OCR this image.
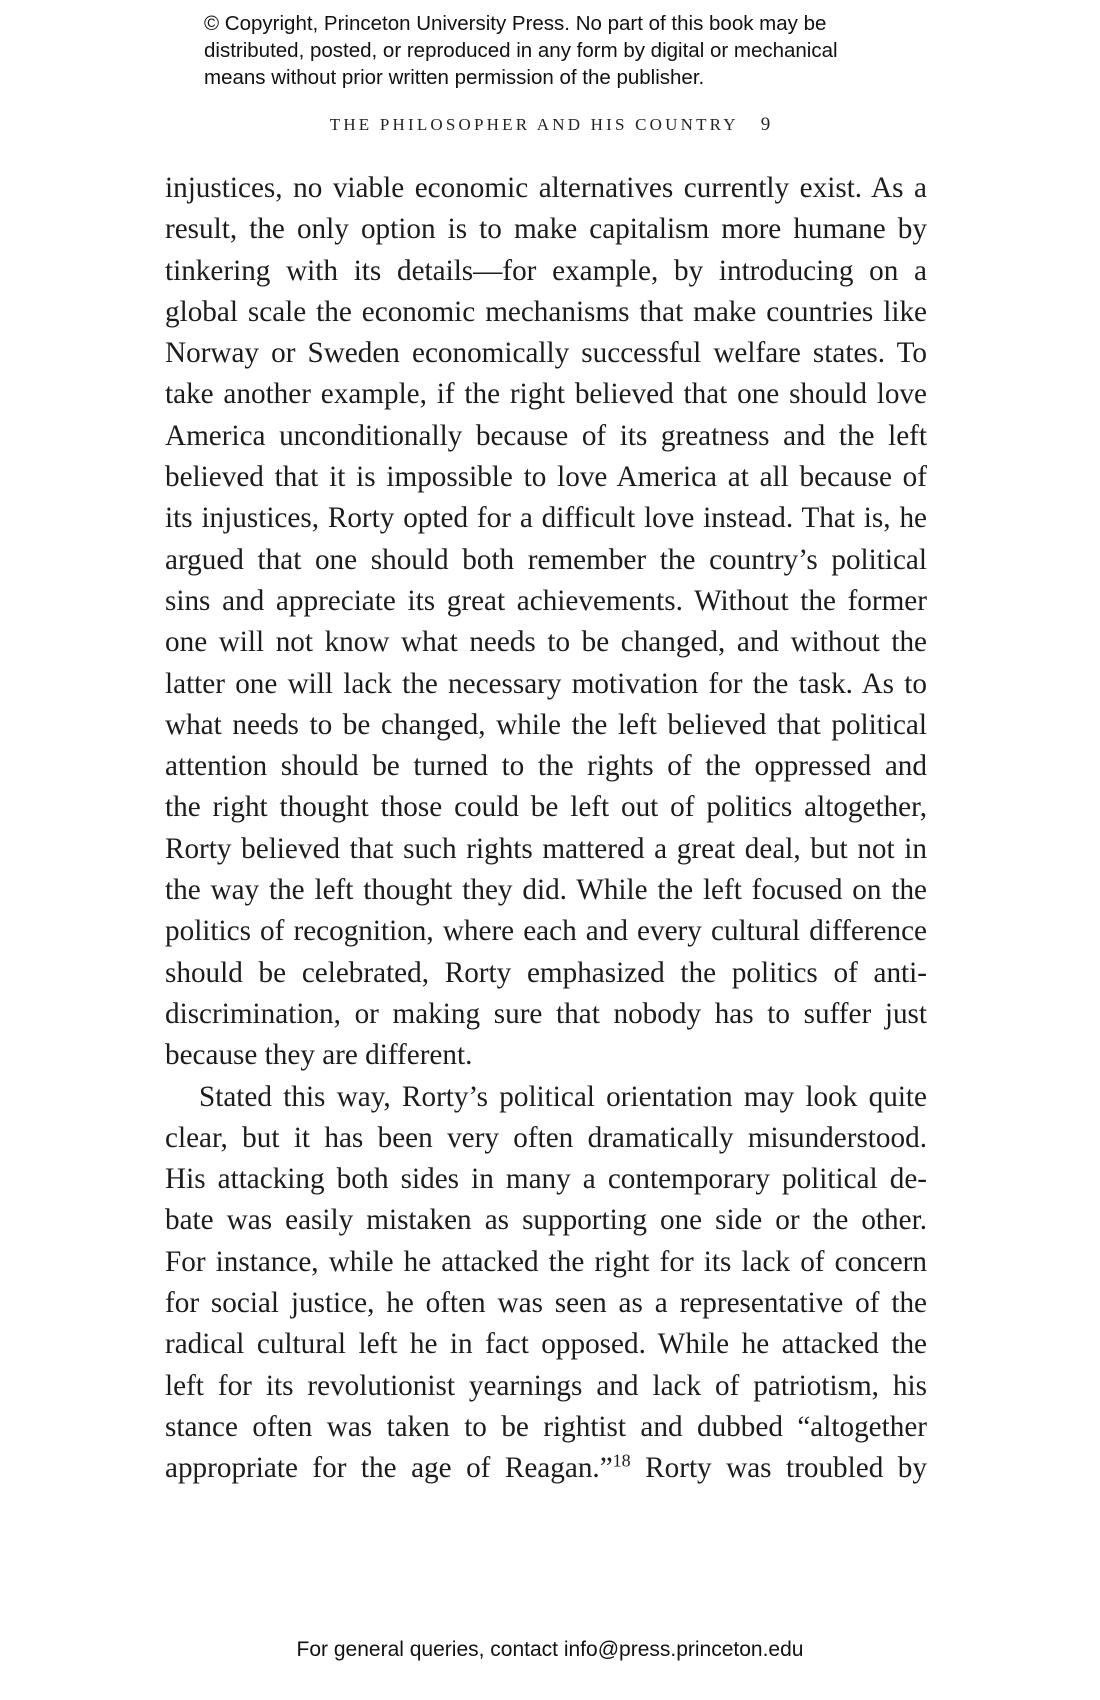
© Copyright, Princeton University Press. No part of this book may be
distributed, posted, or reproduced in any form by digital or mechanical
means without prior written permission of the publisher.
THE PHILOSOPHER AND HIS COUNTRY 9
injustices, no viable economic alternatives currently exist. As a
result, the only option is to make capitalism more humane by
tinkering with its details—for example, by introducing on a
global scale the economic mechanisms that make countries like
Norway or Sweden economically successful welfare states. To
take another example, if the right believed that one should love
America unconditionally because of its greatness and the left
believed that it is impossible to love America at all because of
its injustices, Rorty opted for a difficult love instead. That is, he
argued that one should both remember the country’s political
sins and appreciate its great achievements. Without the former
one will not know what needs to be changed, and without the
latter one will lack the necessary motivation for the task. As to
what needs to be changed, while the left believed that political
attention should be turned to the rights of the oppressed and
the right thought those could be left out of politics altogether,
Rorty believed that such rights mattered a great deal, but not in
the way the left thought they did. While the left focused on the
politics of recognition, where each and every cultural difference
should be celebrated, Rorty emphasized the politics of anti-
discrimination, or making sure that nobody has to suffer just
because they are different.
Stated this way, Rorty’s political orientation may look quite
clear, but it has been very often dramatically misunderstood.
His attacking both sides in many a contemporary political de-
bate was easily mistaken as supporting one side or the other.
For instance, while he attacked the right for its lack of concern
for social justice, he often was seen as a representative of the
radical cultural left he in fact opposed. While he attacked the
left for its revolutionist yearnings and lack of patriotism, his
stance often was taken to be rightist and dubbed “altogether
appropriate for the age of Reagan.”$^{18}$ Rorty was troubled by
For general queries, contact info@press.princeton.edu
